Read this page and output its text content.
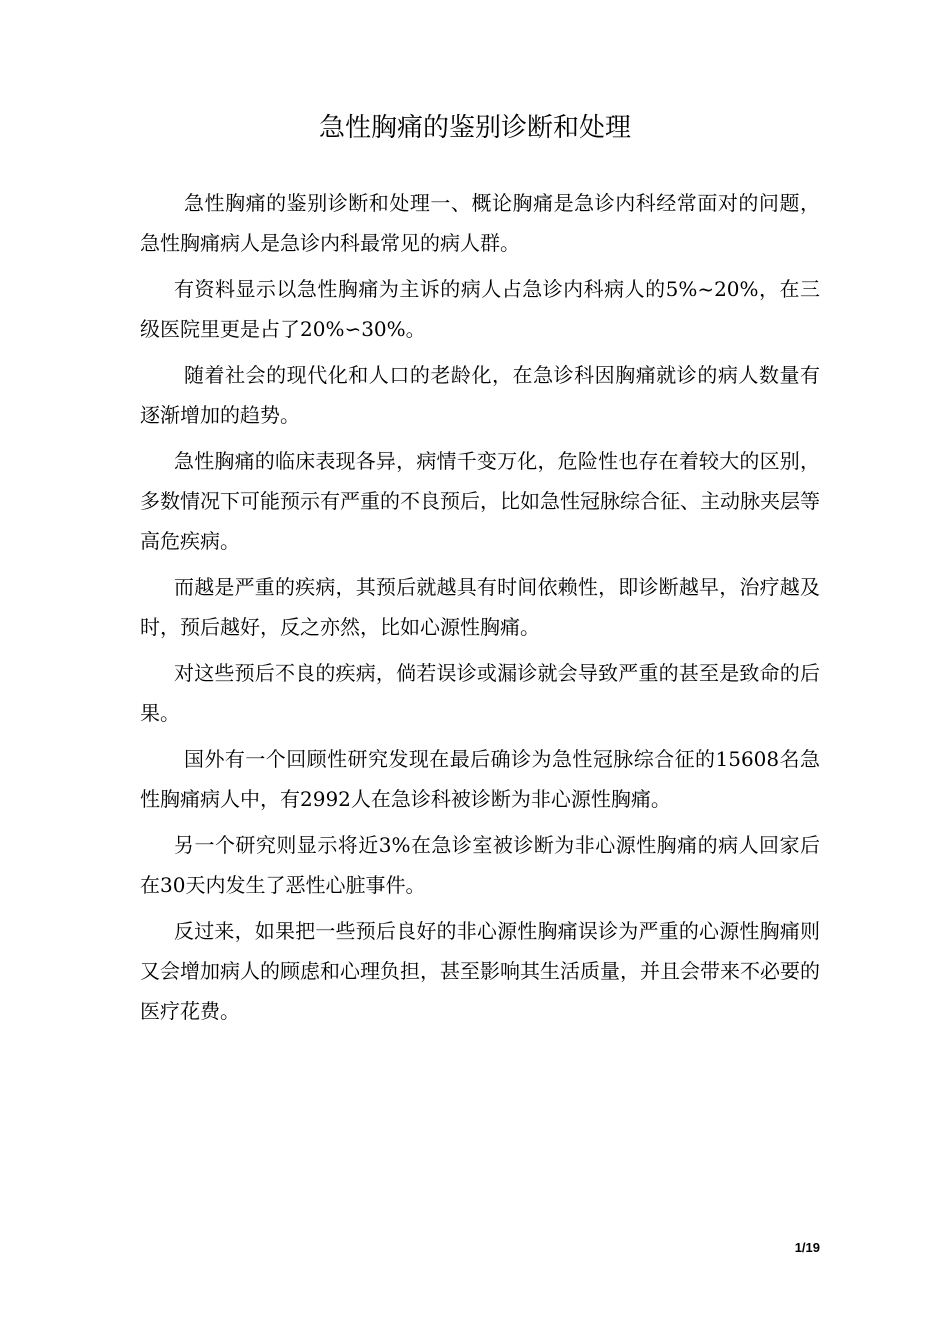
急性胸痛的鉴别诊断和处理

急性胸痛的鉴别诊断和处理一、概论胸痛是急诊内科经常面对的问题，急性胸痛病人是急诊内科最常见的病人群。

有资料显示以急性胸痛为主诉的病人占急诊内科病人的5%~20%，在三级医院里更是占了20%∽30%。

随着社会的现代化和人口的老龄化，在急诊科因胸痛就诊的病人数量有逐渐增加的趋势。

急性胸痛的临床表现各异，病情千变万化，危险性也存在着较大的区别，多数情况下可能预示有严重的不良预后，比如急性冠脉综合征、主动脉夹层等高危疾病。

而越是严重的疾病，其预后就越具有时间依赖性，即诊断越早，治疗越及时，预后越好，反之亦然，比如心源性胸痛。

对这些预后不良的疾病，倘若误诊或漏诊就会导致严重的甚至是致命的后果。

国外有一个回顾性研究发现在最后确诊为急性冠脉综合征的15608名急性胸痛病人中，有2992人在急诊科被诊断为非心源性胸痛。

另一个研究则显示将近3%在急诊室被诊断为非心源性胸痛的病人回家后在30天内发生了恶性心脏事件。

反过来，如果把一些预后良好的非心源性胸痛误诊为严重的心源性胸痛则又会增加病人的顾虑和心理负担，甚至影响其生活质量，并且会带来不必要的医疗花费。

1/19
